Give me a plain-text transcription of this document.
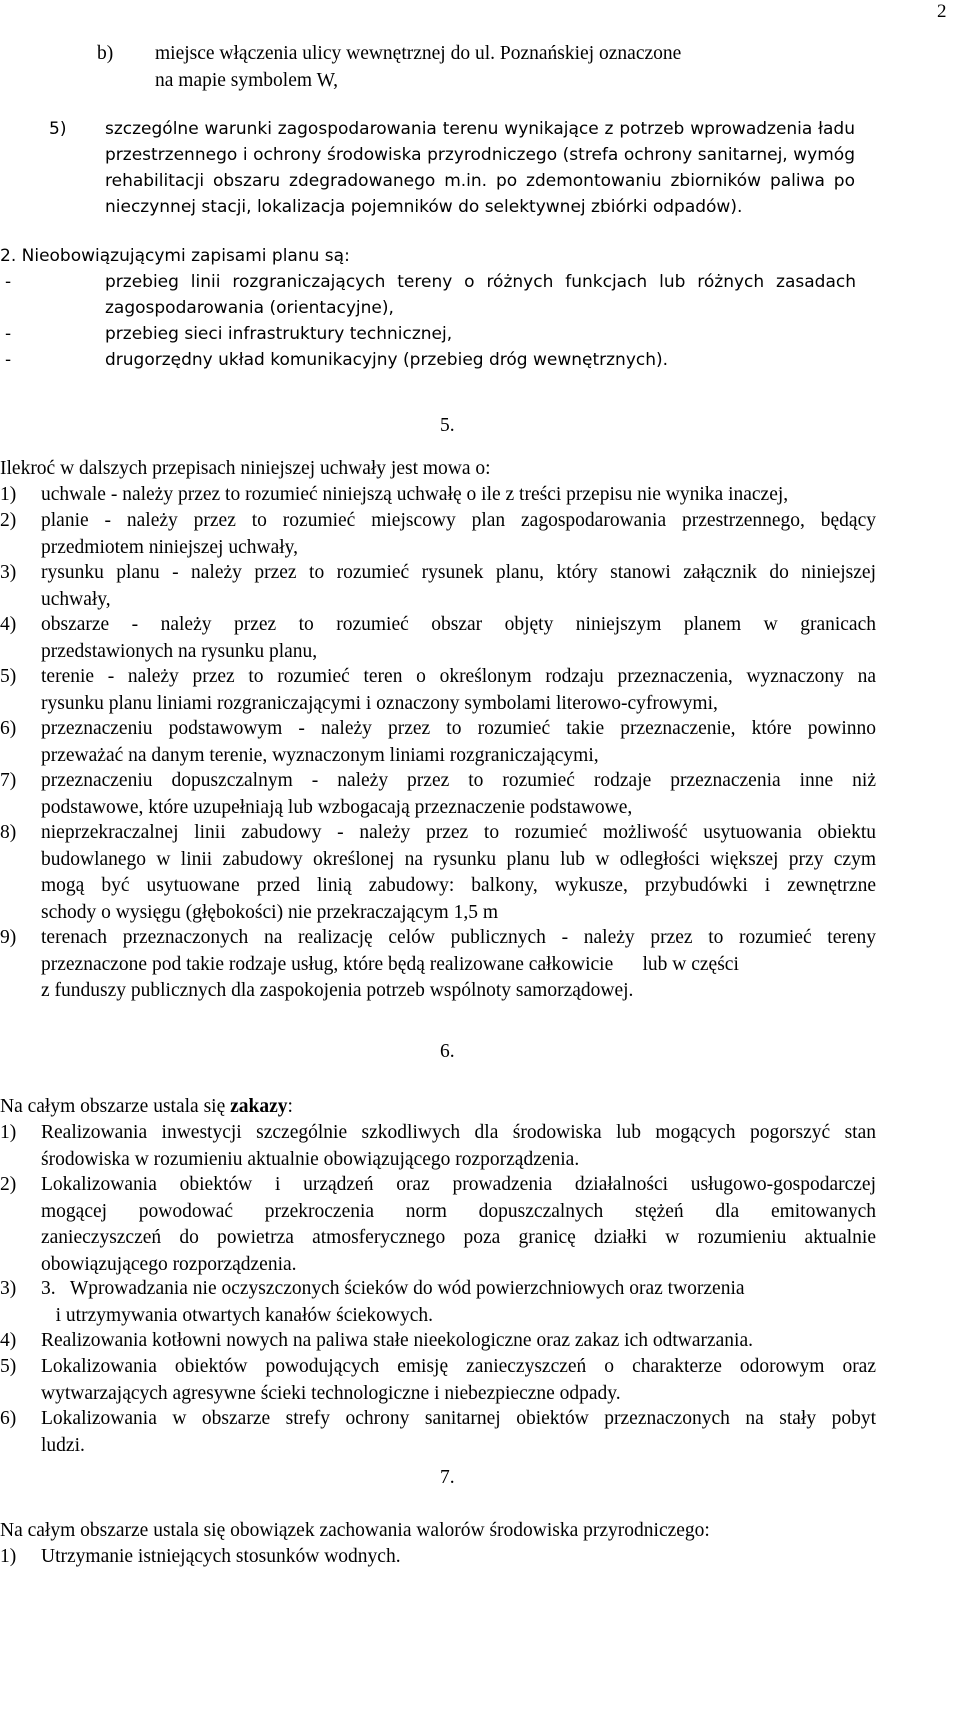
2
b) miejsce włączenia ulicy wewnętrznej do ul. Poznańskiej oznaczone
na mapie symbolem W,
5) szczególne warunki zagospodarowania terenu wynikające z potrzeb wprowadzenia ładu
przestrzennego i ochrony środowiska przyrodniczego (strefa ochrony sanitarnej, wymóg
rehabilitacji obszaru zdegradowanego m.in. po zdemontowaniu zbiorników paliwa po
nieczynnej stacji, lokalizacja pojemników do selektywnej zbiórki odpadów).
2. Nieobowiązującymi zapisami planu są:
-	przebieg linii rozgraniczających tereny o różnych funkcjach lub różnych zasadach
zagospodarowania (orientacyjne),
-	przebieg sieci infrastruktury technicznej,
-	drugorzędny układ komunikacyjny (przebieg dróg wewnętrznych).
5.
Ilekroć w dalszych przepisach niniejszej uchwały jest mowa o:
1) uchwale - należy przez to rozumieć niniejszą uchwałę o ile z treści przepisu nie wynika inaczej,
2) planie - należy przez to rozumieć miejscowy plan zagospodarowania przestrzennego, będący
przedmiotem niniejszej uchwały,
3) rysunku planu - należy przez to rozumieć rysunek planu, który stanowi załącznik do niniejszej
uchwały,
4) obszarze - należy przez to rozumieć obszar objęty niniejszym planem w granicach
przedstawionych na rysunku planu,
5) terenie - należy przez to rozumieć teren o określonym rodzaju przeznaczenia, wyznaczony na
rysunku planu liniami rozgraniczającymi i oznaczony symbolami literowo-cyfrowymi,
6) przeznaczeniu podstawowym - należy przez to rozumieć takie przeznaczenie, które powinno
przeważać na danym terenie, wyznaczonym liniami rozgraniczającymi,
7) przeznaczeniu dopuszczalnym - należy przez to rozumieć rodzaje przeznaczenia inne niż
podstawowe, które uzupełniają lub wzbogacają przeznaczenie podstawowe,
8) nieprzekraczalnej linii zabudowy - należy przez to rozumieć możliwość usytuowania obiektu
budowlanego w linii zabudowy określonej na rysunku planu lub w odległości większej przy czym
mogą być usytuowane przed linią zabudowy: balkony, wykusze, przybudówki i zewnętrzne
schody o wysięgu (głębokości) nie przekraczającym 1,5 m
9) terenach przeznaczonych na realizację celów publicznych - należy przez to rozumieć tereny
przeznaczone pod takie rodzaje usług, które będą realizowane całkowicie      lub w części
z funduszy publicznych dla zaspokojenia potrzeb wspólnoty samorządowej.
6.
Na całym obszarze ustala się zakazy:
1) Realizowania inwestycji szczególnie szkodliwych dla środowiska lub mogących pogorszyć stan
środowiska w rozumieniu aktualnie obowiązującego rozporządzenia.
2) Lokalizowania obiektów i urządzeń oraz prowadzenia działalności usługowo-gospodarczej
mogącej powodować przekroczenia norm dopuszczalnych stężeń dla emitowanych
zanieczyszczeń do powietrza atmosferycznego poza granicę działki w rozumieniu aktualnie
obowiązującego rozporządzenia.
3) 3.   Wprowadzania nie oczyszczonych ścieków do wód powierzchniowych oraz tworzenia
i utrzymywania otwartych kanałów ściekowych.
4) Realizowania kotłowni nowych na paliwa stałe nieekologiczne oraz zakaz ich odtwarzania.
5) Lokalizowania obiektów powodujących emisję zanieczyszczeń o charakterze odorowym oraz
wytwarzających agresywne ścieki technologiczne i niebezpieczne odpady.
6) Lokalizowania w obszarze strefy ochrony sanitarnej obiektów przeznaczonych na stały pobyt
ludzi.
7.
Na całym obszarze ustala się obowiązek zachowania walorów środowiska przyrodniczego:
1) Utrzymanie istniejących stosunków wodnych.
